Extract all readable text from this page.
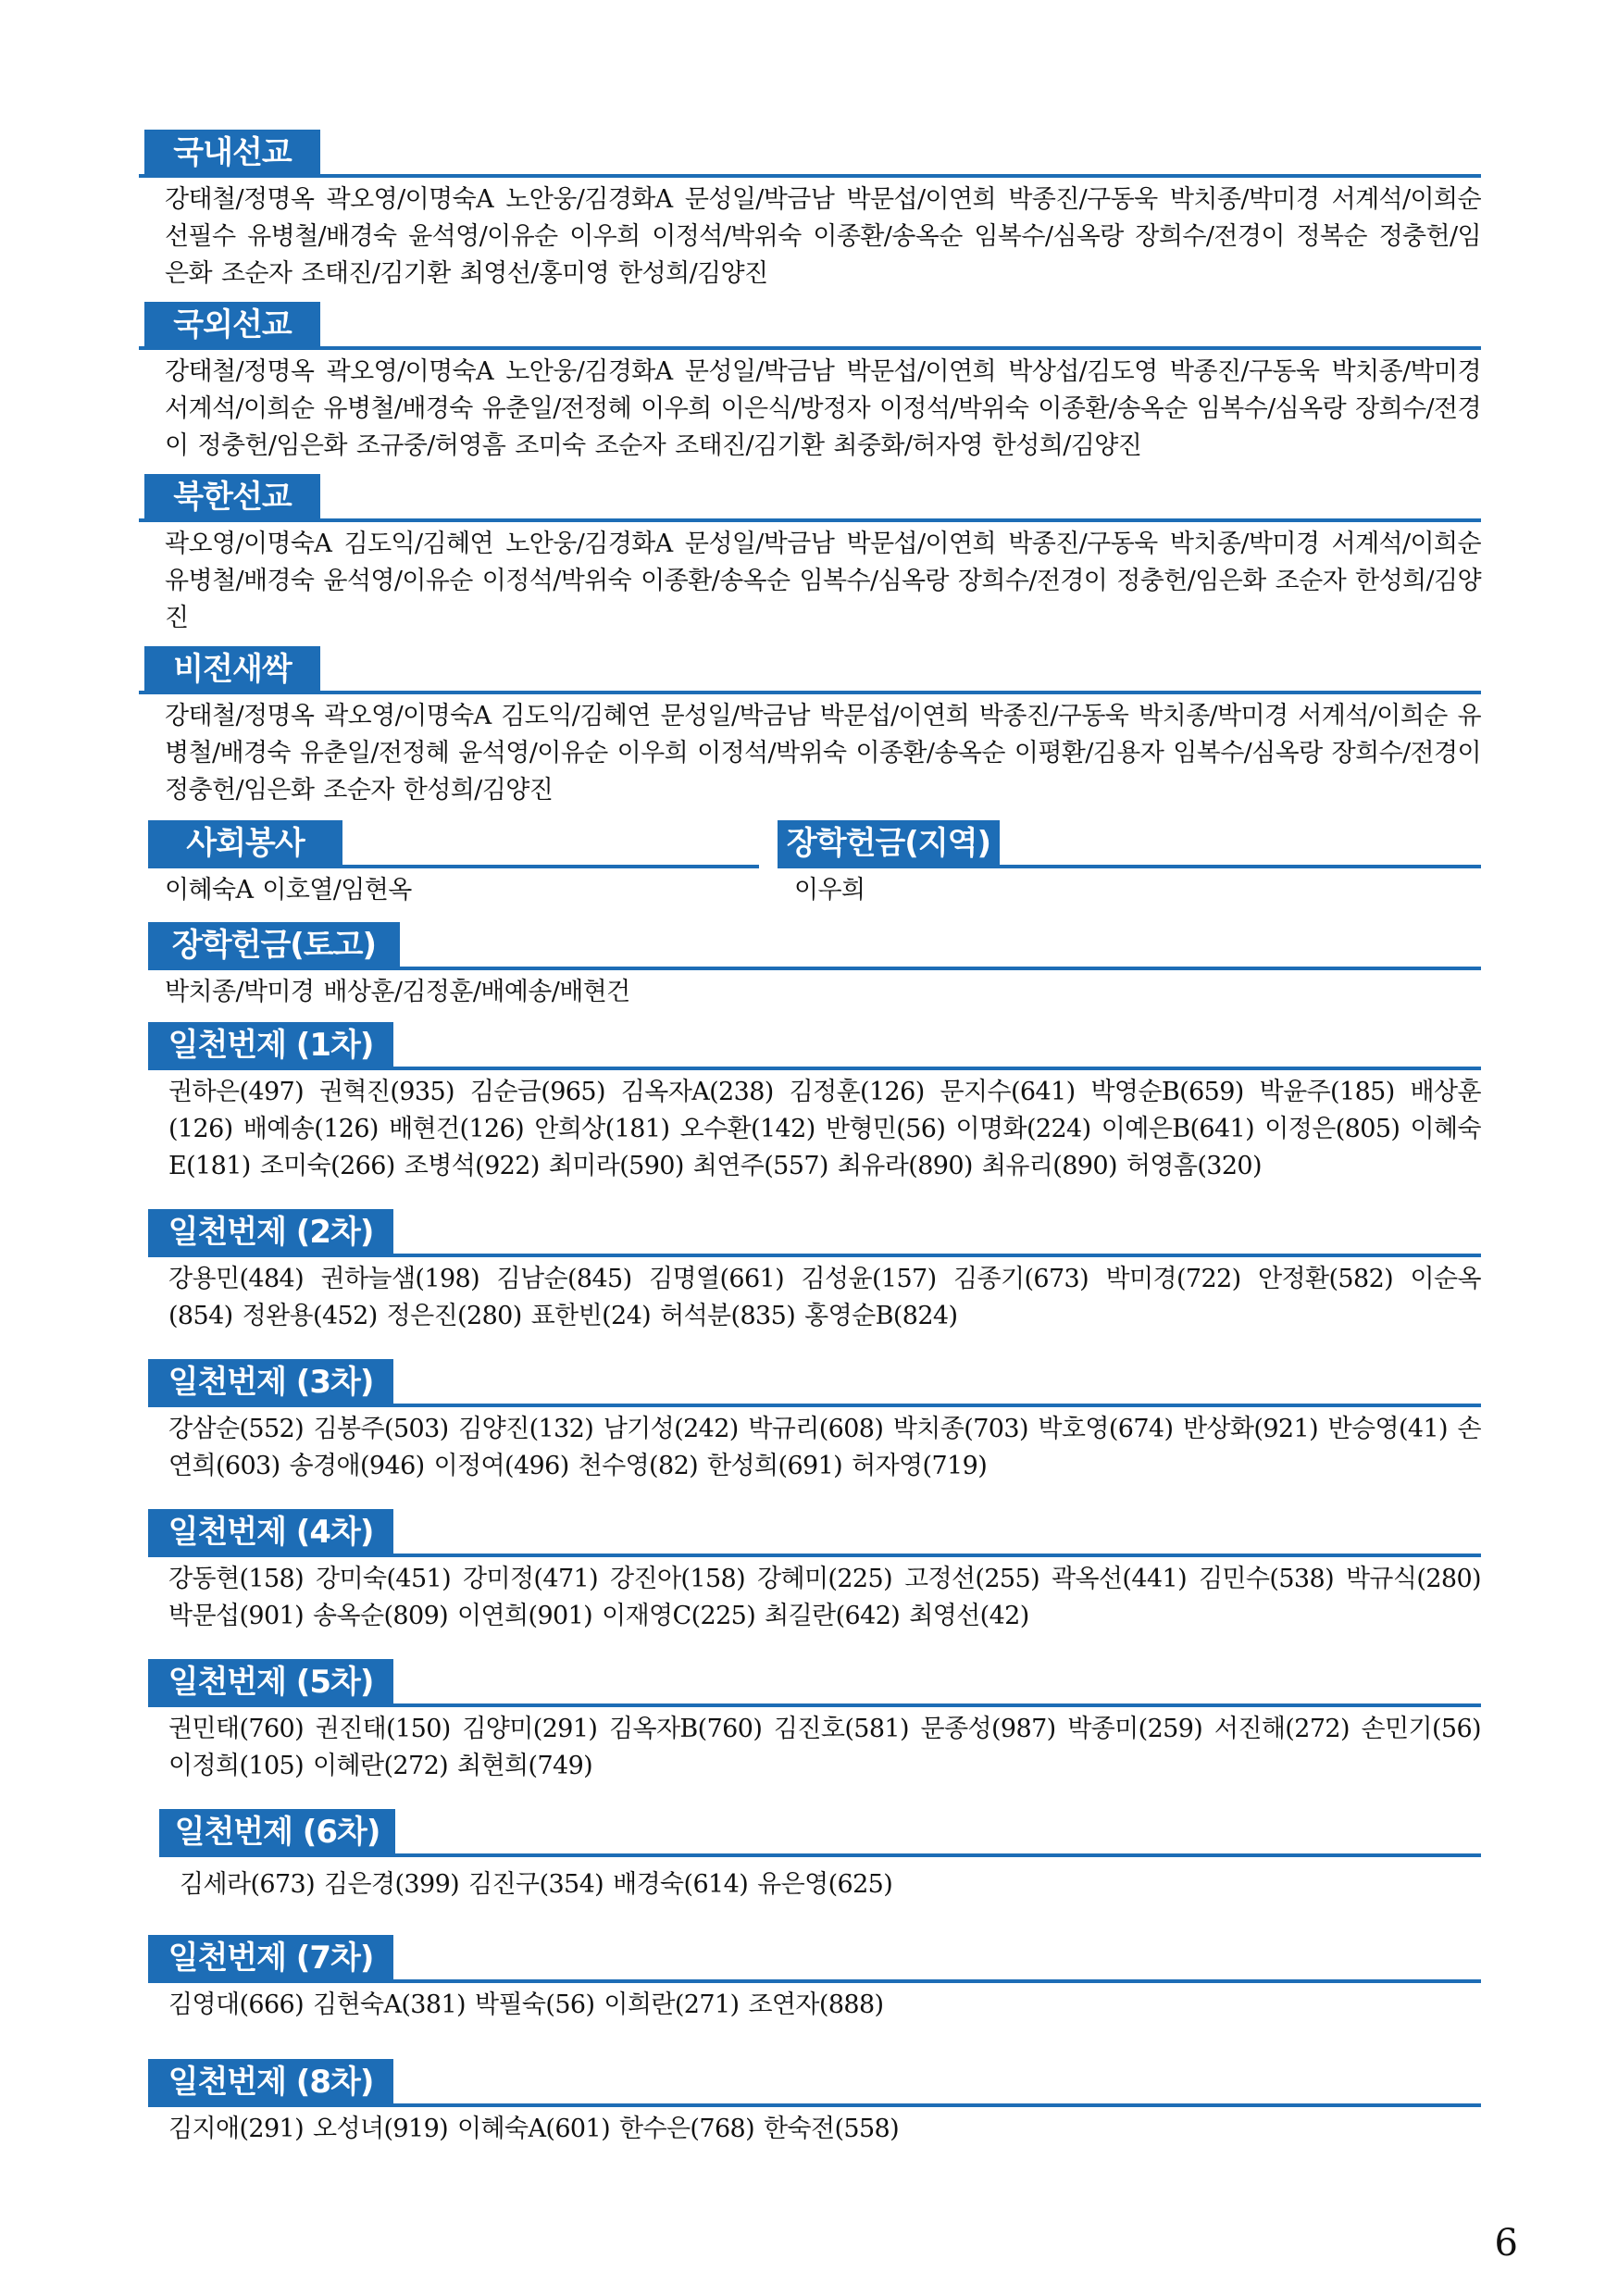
국내선교
강태철/정명옥 곽오영/이명숙A 노안웅/김경화A 문성일/박금남 박문섭/이연희 박종진/구동욱 박치종/박미경 서계석/이희순 선필수 유병철/배경숙 윤석영/이유순 이우희 이정석/박위숙 이종환/송옥순 임복수/심옥랑 장희수/전경이 정복순 정충헌/임은화 조순자 조태진/김기환 최영선/홍미영 한성희/김양진
국외선교
강태철/정명옥 곽오영/이명숙A 노안웅/김경화A 문성일/박금남 박문섭/이연희 박상섭/김도영 박종진/구동욱 박치종/박미경 서계석/이희순 유병철/배경숙 유춘일/전정혜 이우희 이은식/방정자 이정석/박위숙 이종환/송옥순 임복수/심옥랑 장희수/전경이 정충헌/임은화 조규중/허영흠 조미숙 조순자 조태진/김기환 최중화/허자영 한성희/김양진
북한선교
곽오영/이명숙A 김도익/김혜연 노안웅/김경화A 문성일/박금남 박문섭/이연희 박종진/구동욱 박치종/박미경 서계석/이희순 유병철/배경숙 윤석영/이유순 이정석/박위숙 이종환/송옥순 임복수/심옥랑 장희수/전경이 정충헌/임은화 조순자 한성희/김양진
비전새싹
강태철/정명옥 곽오영/이명숙A 김도익/김혜연 문성일/박금남 박문섭/이연희 박종진/구동욱 박치종/박미경 서계석/이희순 유병철/배경숙 유춘일/전정혜 윤석영/이유순 이우희 이정석/박위숙 이종환/송옥순 이평환/김용자 임복수/심옥랑 장희수/전경이 정충헌/임은화 조순자 한성희/김양진
사회봉사
이혜숙A 이호열/임현옥
장학헌금(지역)
이우희
장학헌금(토고)
박치종/박미경 배상훈/김정훈/배예송/배현건
일천번제 (1차)
권하은(497) 권혁진(935) 김순금(965) 김옥자A(238) 김정훈(126) 문지수(641) 박영순B(659) 박윤주(185) 배상훈(126) 배예송(126) 배현건(126) 안희상(181) 오수환(142) 반형민(56) 이명화(224) 이예은B(641) 이정은(805) 이혜숙E(181) 조미숙(266) 조병석(922) 최미라(590) 최연주(557) 최유라(890) 최유리(890) 허영흠(320)
일천번제 (2차)
강용민(484) 권하늘샘(198) 김남순(845) 김명열(661) 김성윤(157) 김종기(673) 박미경(722) 안정환(582) 이순옥(854) 정완용(452) 정은진(280) 표한빈(24) 허석분(835) 홍영순B(824)
일천번제 (3차)
강삼순(552) 김봉주(503) 김양진(132) 남기성(242) 박규리(608) 박치종(703) 박호영(674) 반상화(921) 반승영(41) 손연희(603) 송경애(946) 이정여(496) 천수영(82) 한성희(691) 허자영(719)
일천번제 (4차)
강동현(158) 강미숙(451) 강미정(471) 강진아(158) 강혜미(225) 고정선(255) 곽옥선(441) 김민수(538) 박규식(280) 박문섭(901) 송옥순(809) 이연희(901) 이재영C(225) 최길란(642) 최영선(42)
일천번제 (5차)
권민태(760) 권진태(150) 김양미(291) 김옥자B(760) 김진호(581) 문종성(987) 박종미(259) 서진해(272) 손민기(56) 이정희(105) 이혜란(272) 최현희(749)
일천번제 (6차)
김세라(673) 김은경(399) 김진구(354) 배경숙(614) 유은영(625)
일천번제 (7차)
김영대(666) 김현숙A(381) 박필숙(56) 이희란(271) 조연자(888)
일천번제 (8차)
김지애(291) 오성녀(919) 이혜숙A(601) 한수은(768) 한숙전(558)
6
